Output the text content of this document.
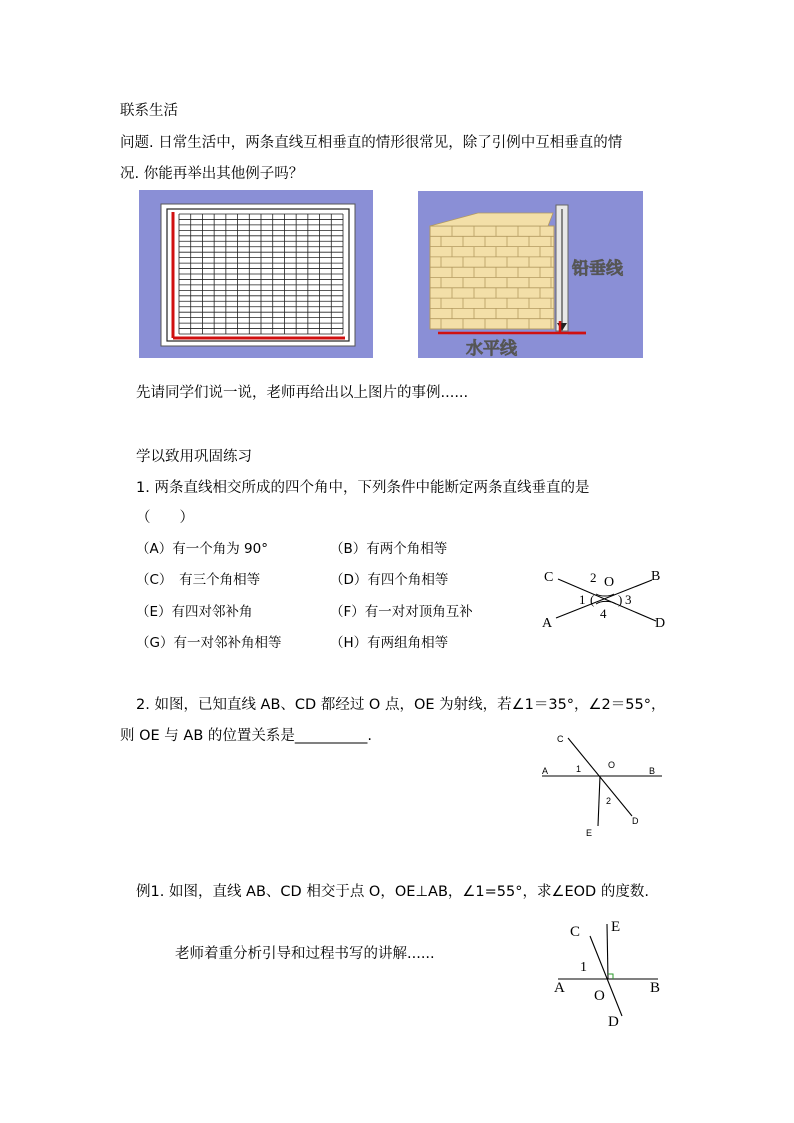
联系生活
问题. 日常生活中，两条直线互相垂直的情形很常见，除了引例中互相垂直的情
况. 你能再举出其他例子吗？
铅垂线
水平线
先请同学们说一说，老师再给出以上图片的事例......
学以致用巩固练习
1. 两条直线相交所成的四个角中，下列条件中能断定两条直线垂直的是
（　　）
（A）有一个角为 90°	（B）有两个角相等
（C）　有三个角相等	（D）有四个角相等
（E）有四对邻补角	（F）有一对对顶角互补
（G）有一对邻补角相等	（H）有两组角相等
C	2 O	B
1 ( ) 3
4
A	D
2. 如图，已知直线 AB、CD 都经过 O 点，OE 为射线，若∠1＝35°，∠2＝55°，
则 OE 与 AB 的位置关系是__________.	C
A	1	O
B
2
D
E
例1. 如图，直线 AB、CD 相交于点 O，OE⊥AB，∠1=55°，求∠EOD 的度数.
老师着重分析引导和过程书写的讲解......
C E
1
A O	B
D
